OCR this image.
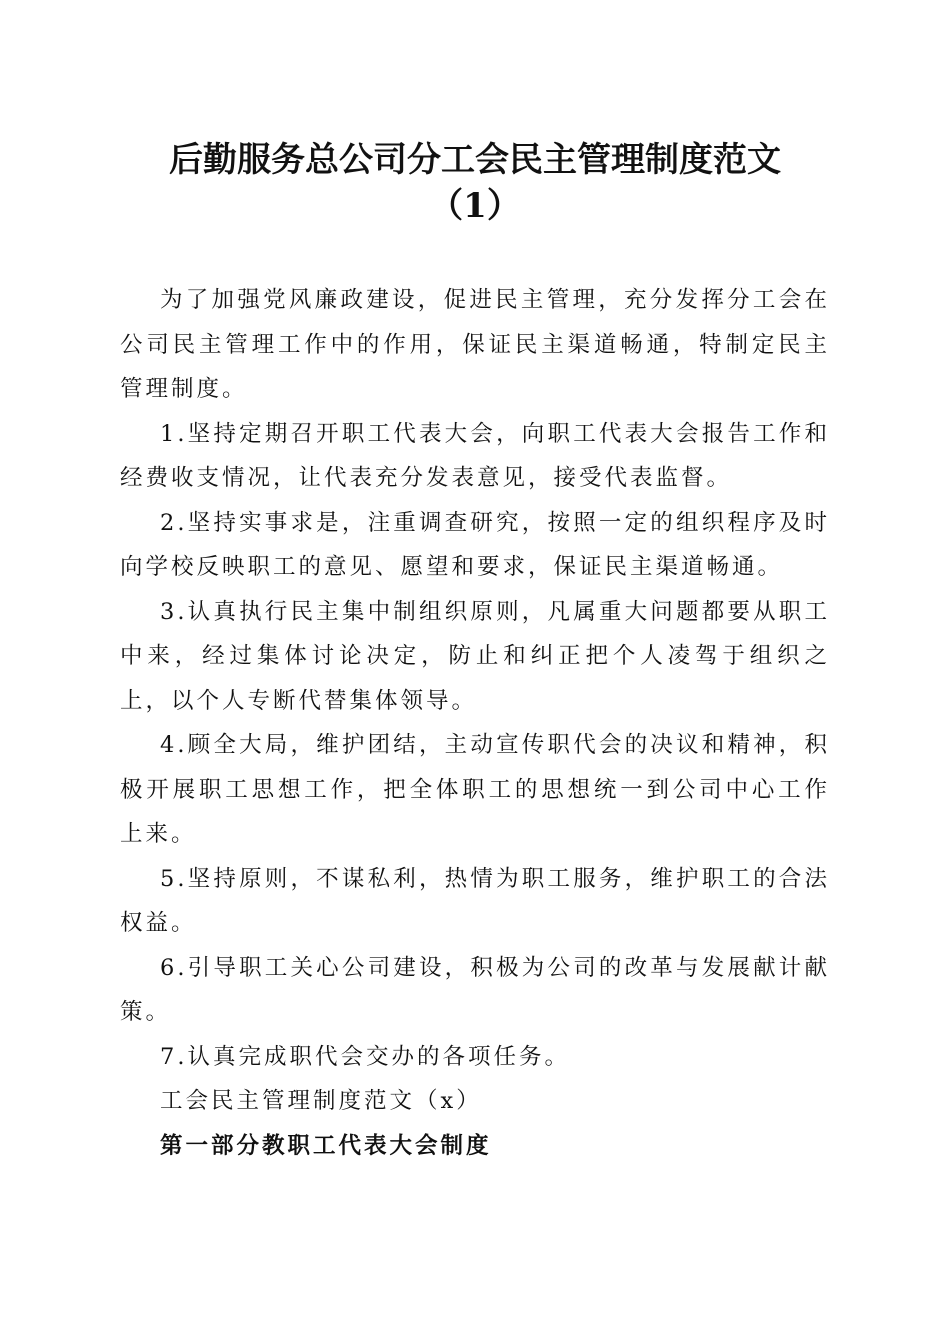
后勤服务总公司分工会民主管理制度范文
（1）

为了加强党风廉政建设，促进民主管理，充分发挥分工会在公司民主管理工作中的作用，保证民主渠道畅通，特制定民主管理制度。

1.坚持定期召开职工代表大会，向职工代表大会报告工作和经费收支情况，让代表充分发表意见，接受代表监督。

2.坚持实事求是，注重调查研究，按照一定的组织程序及时向学校反映职工的意见、愿望和要求，保证民主渠道畅通。

3.认真执行民主集中制组织原则，凡属重大问题都要从职工中来，经过集体讨论决定，防止和纠正把个人凌驾于组织之上，以个人专断代替集体领导。

4.顾全大局，维护团结，主动宣传职代会的决议和精神，积极开展职工思想工作，把全体职工的思想统一到公司中心工作上来。

5.坚持原则，不谋私利，热情为职工服务，维护职工的合法权益。

6.引导职工关心公司建设，积极为公司的改革与发展献计献策。

7.认真完成职代会交办的各项任务。

工会民主管理制度范文（x）

第一部分教职工代表大会制度
